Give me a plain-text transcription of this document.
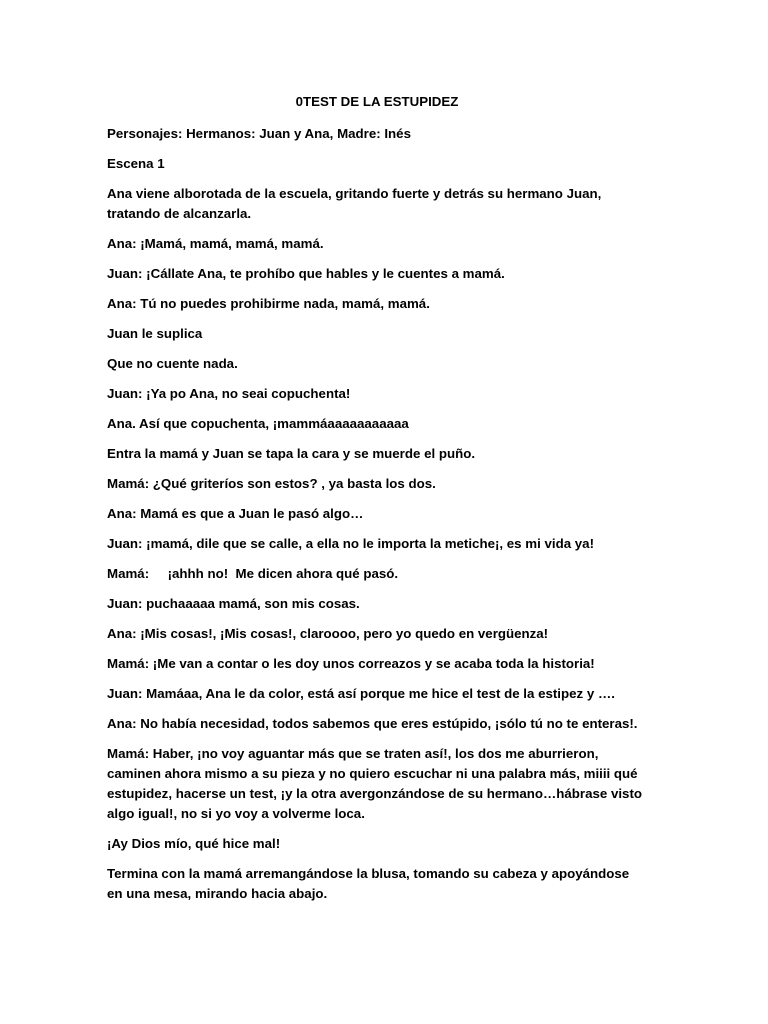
0TEST DE LA ESTUPIDEZ
Personajes: Hermanos: Juan y Ana, Madre: Inés
Escena 1
Ana viene alborotada de la escuela, gritando fuerte y detrás su hermano Juan, tratando de alcanzarla.
Ana: ¡Mamá, mamá, mamá, mamá.
Juan: ¡Cállate Ana, te prohíbo que hables y le cuentes a mamá.
Ana: Tú no puedes prohibirme nada, mamá, mamá.
Juan le suplica
Que no cuente nada.
Juan: ¡Ya po Ana, no seai copuchenta!
Ana. Así que copuchenta, ¡mammáaaaaaaaaaaa
Entra la mamá y Juan se tapa la cara y se muerde el puño.
Mamá: ¿Qué griteríos son estos? , ya basta los dos.
Ana: Mamá es que a Juan le pasó algo…
Juan: ¡mamá, dile que se calle, a ella no le importa la metiche¡, es mi vida ya!
Mamá:     ¡ahhh no!  Me dicen ahora qué pasó.
Juan: puchaaaaa mamá, son mis cosas.
Ana: ¡Mis cosas!, ¡Mis cosas!, claroooo, pero yo quedo en vergüenza!
Mamá: ¡Me van a contar o les doy unos correazos y se acaba toda la historia!
Juan: Mamáaa, Ana le da color, está así porque me hice el test de la estipez y ….
Ana: No había necesidad, todos sabemos que eres estúpido, ¡sólo tú no te enteras!.
Mamá: Haber, ¡no voy aguantar más que se traten así!, los dos me aburrieron, caminen ahora mismo a su pieza y no quiero escuchar ni una palabra más, miiii qué estupidez, hacerse un test, ¡y la otra avergonzándose de su hermano…hábrase visto algo igual!, no si yo voy a volverme loca.
¡Ay Dios mío, qué hice mal!
Termina con la mamá arremangándose la blusa, tomando su cabeza y apoyándose en una mesa, mirando hacia abajo.
